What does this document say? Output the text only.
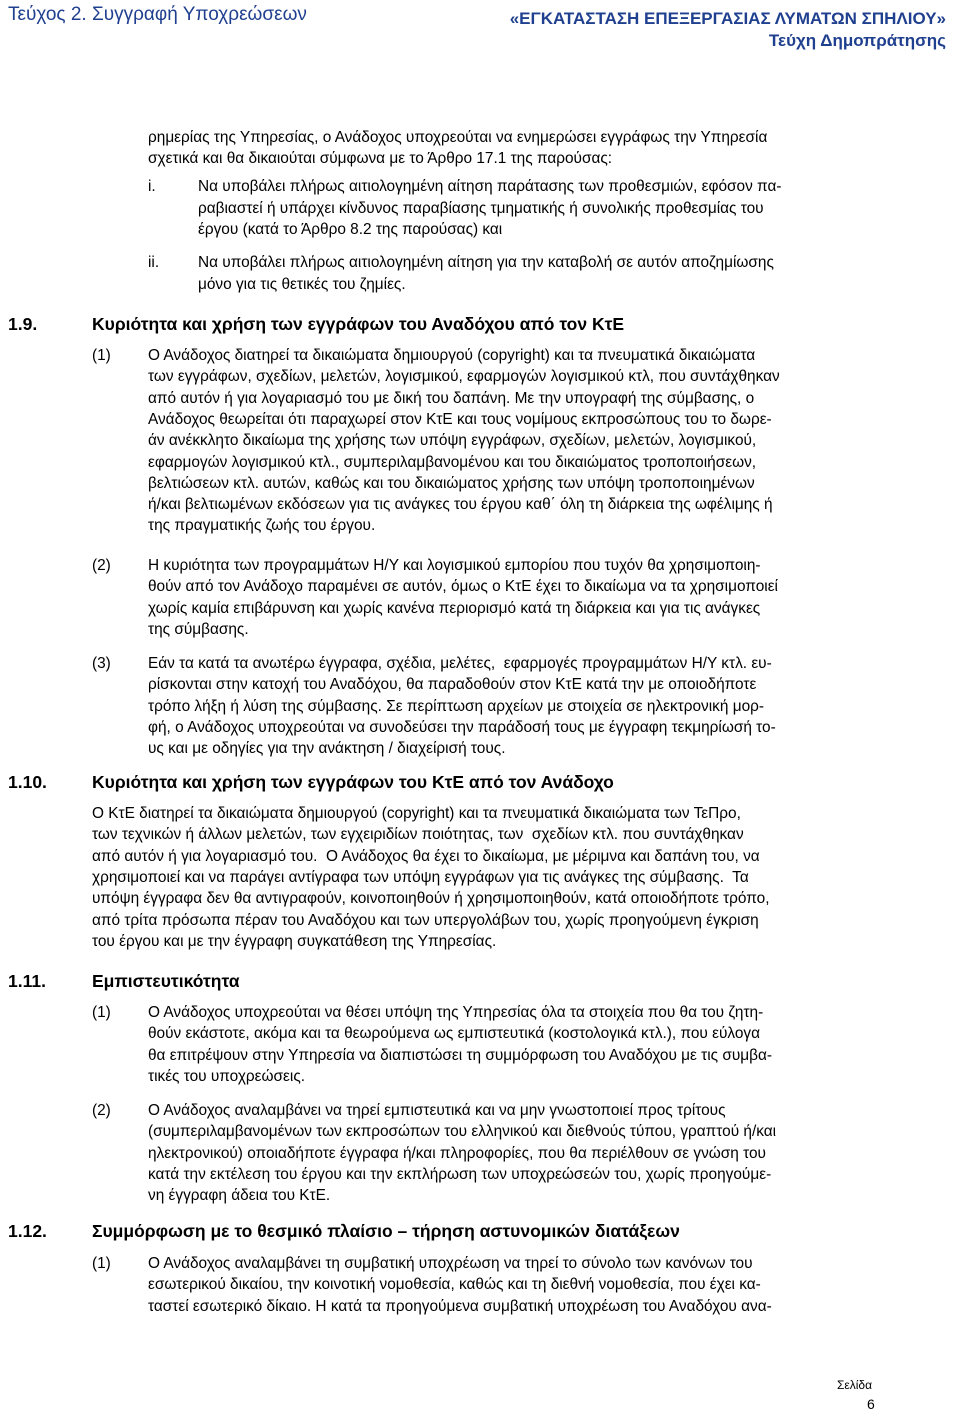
Τεύχος 2. Συγγραφή Υποχρεώσεων	«ΕΓΚΑΤΑΣΤΑΣΗ ΕΠΕΞΕΡΓΑΣΙΑΣ ΛΥΜΑΤΩΝ ΣΠΗΛΙΟΥ»
Τεύχη Δημοπράτησης
ρημερίας της Υπηρεσίας, ο Ανάδοχος υποχρεούται να ενημερώσει εγγράφως την Υπηρεσία
σχετικά και θα δικαιούται σύμφωνα με το Άρθρο 17.1 της παρούσας:
i.	Να υποβάλει πλήρως αιτιολογημένη αίτηση παράτασης των προθεσμιών, εφόσον πα-
ραβιαστεί ή υπάρχει κίνδυνος παραβίασης τμηματικής ή συνολικής προθεσμίας του
έργου (κατά το Άρθρο 8.2 της παρούσας) και
ii.	Να υποβάλει πλήρως αιτιολογημένη αίτηση για την καταβολή σε αυτόν αποζημίωσης
μόνο για τις θετικές του ζημίες.
1.9.	Κυριότητα και χρήση των εγγράφων του Αναδόχου από τον ΚτΕ
(1) Ο Ανάδοχος διατηρεί τα δικαιώματα δημιουργού (copyright) και τα πνευματικά δικαιώματα
των εγγράφων, σχεδίων, μελετών, λογισμικού, εφαρμογών λογισμικού κτλ, που συντάχθηκαν
από αυτόν ή για λογαριασμό του με δική του δαπάνη. Με την υπογραφή της σύμβασης, ο
Ανάδοχος θεωρείται ότι παραχωρεί στον ΚτΕ και τους νομίμους εκπροσώπους του το δωρε-
άν ανέκκλητο δικαίωμα της χρήσης των υπόψη εγγράφων, σχεδίων, μελετών, λογισμικού,
εφαρμογών λογισμικού κτλ., συμπεριλαμβανομένου και του δικαιώματος τροποποιήσεων,
βελτιώσεων κτλ. αυτών, καθώς και του δικαιώματος χρήσης των υπόψη τροποποιημένων
ή/και βελτιωμένων εκδόσεων για τις ανάγκες του έργου καθ΄ όλη τη διάρκεια της ωφέλιμης ή
της πραγματικής ζωής του έργου.
(2) Η κυριότητα των προγραμμάτων Η/Υ και λογισμικού εμπορίου που τυχόν θα χρησιμοποιη-
θούν από τον Ανάδοχο παραμένει σε αυτόν, όμως ο ΚτΕ έχει το δικαίωμα να τα χρησιμοποιεί
χωρίς καμία επιβάρυνση και χωρίς κανένα περιορισμό κατά τη διάρκεια και για τις ανάγκες
της σύμβασης.
(3) Εάν τα κατά τα ανωτέρω έγγραφα, σχέδια, μελέτες,  εφαρμογές προγραμμάτων Η/Υ κτλ. ευ-
ρίσκονται στην κατοχή του Αναδόχου, θα παραδοθούν στον ΚτΕ κατά την με οποιοδήποτε
τρόπο λήξη ή λύση της σύμβασης. Σε περίπτωση αρχείων με στοιχεία σε ηλεκτρονική μορ-
φή, ο Ανάδοχος υποχρεούται να συνοδεύσει την παράδοσή τους με έγγραφη τεκμηρίωσή το-
υς και με οδηγίες για την ανάκτηση / διαχείρισή τους.
1.10.	Κυριότητα και χρήση των εγγράφων του ΚτΕ από τον Ανάδοχο
Ο ΚτΕ διατηρεί τα δικαιώματα δημιουργού (copyright) και τα πνευματικά δικαιώματα των ΤεΠρο,
των τεχνικών ή άλλων μελετών, των εγχειριδίων ποιότητας, των  σχεδίων κτλ. που συντάχθηκαν
από αυτόν ή για λογαριασμό του.  Ο Ανάδοχος θα έχει το δικαίωμα, με μέριμνα και δαπάνη του, να
χρησιμοποιεί και να παράγει αντίγραφα των υπόψη εγγράφων για τις ανάγκες της σύμβασης.  Τα
υπόψη έγγραφα δεν θα αντιγραφούν, κοινοποιηθούν ή χρησιμοποιηθούν, κατά οποιοδήποτε τρόπο,
από τρίτα πρόσωπα πέραν του Αναδόχου και των υπεργολάβων του, χωρίς προηγούμενη έγκριση
του έργου και με την έγγραφη συγκατάθεση της Υπηρεσίας.
1.11.	Εμπιστευτικότητα
(1) Ο Ανάδοχος υποχρεούται να θέσει υπόψη της Υπηρεσίας όλα τα στοιχεία που θα του ζητη-
θούν εκάστοτε, ακόμα και τα θεωρούμενα ως εμπιστευτικά (κοστολογικά κτλ.), που εύλογα
θα επιτρέψουν στην Υπηρεσία να διαπιστώσει τη συμμόρφωση του Αναδόχου με τις συμβα-
τικές του υποχρεώσεις.
(2) Ο Ανάδοχος αναλαμβάνει να τηρεί εμπιστευτικά και να μην γνωστοποιεί προς τρίτους
(συμπεριλαμβανομένων των εκπροσώπων του ελληνικού και διεθνούς τύπου, γραπτού ή/και
ηλεκτρονικού) οποιαδήποτε έγγραφα ή/και πληροφορίες, που θα περιέλθουν σε γνώση του
κατά την εκτέλεση του έργου και την εκπλήρωση των υποχρεώσεών του, χωρίς προηγούμε-
νη έγγραφη άδεια του ΚτΕ.
1.12.	Συμμόρφωση με το θεσμικό πλαίσιο – τήρηση αστυνομικών διατάξεων
(1) Ο Ανάδοχος αναλαμβάνει τη συμβατική υποχρέωση να τηρεί το σύνολο των κανόνων του
εσωτερικού δικαίου, την κοινοτική νομοθεσία, καθώς και τη διεθνή νομοθεσία, που έχει κα-
ταστεί εσωτερικό δίκαιο. Η κατά τα προηγούμενα συμβατική υποχρέωση του Αναδόχου ανα-
Σελίδα
6
